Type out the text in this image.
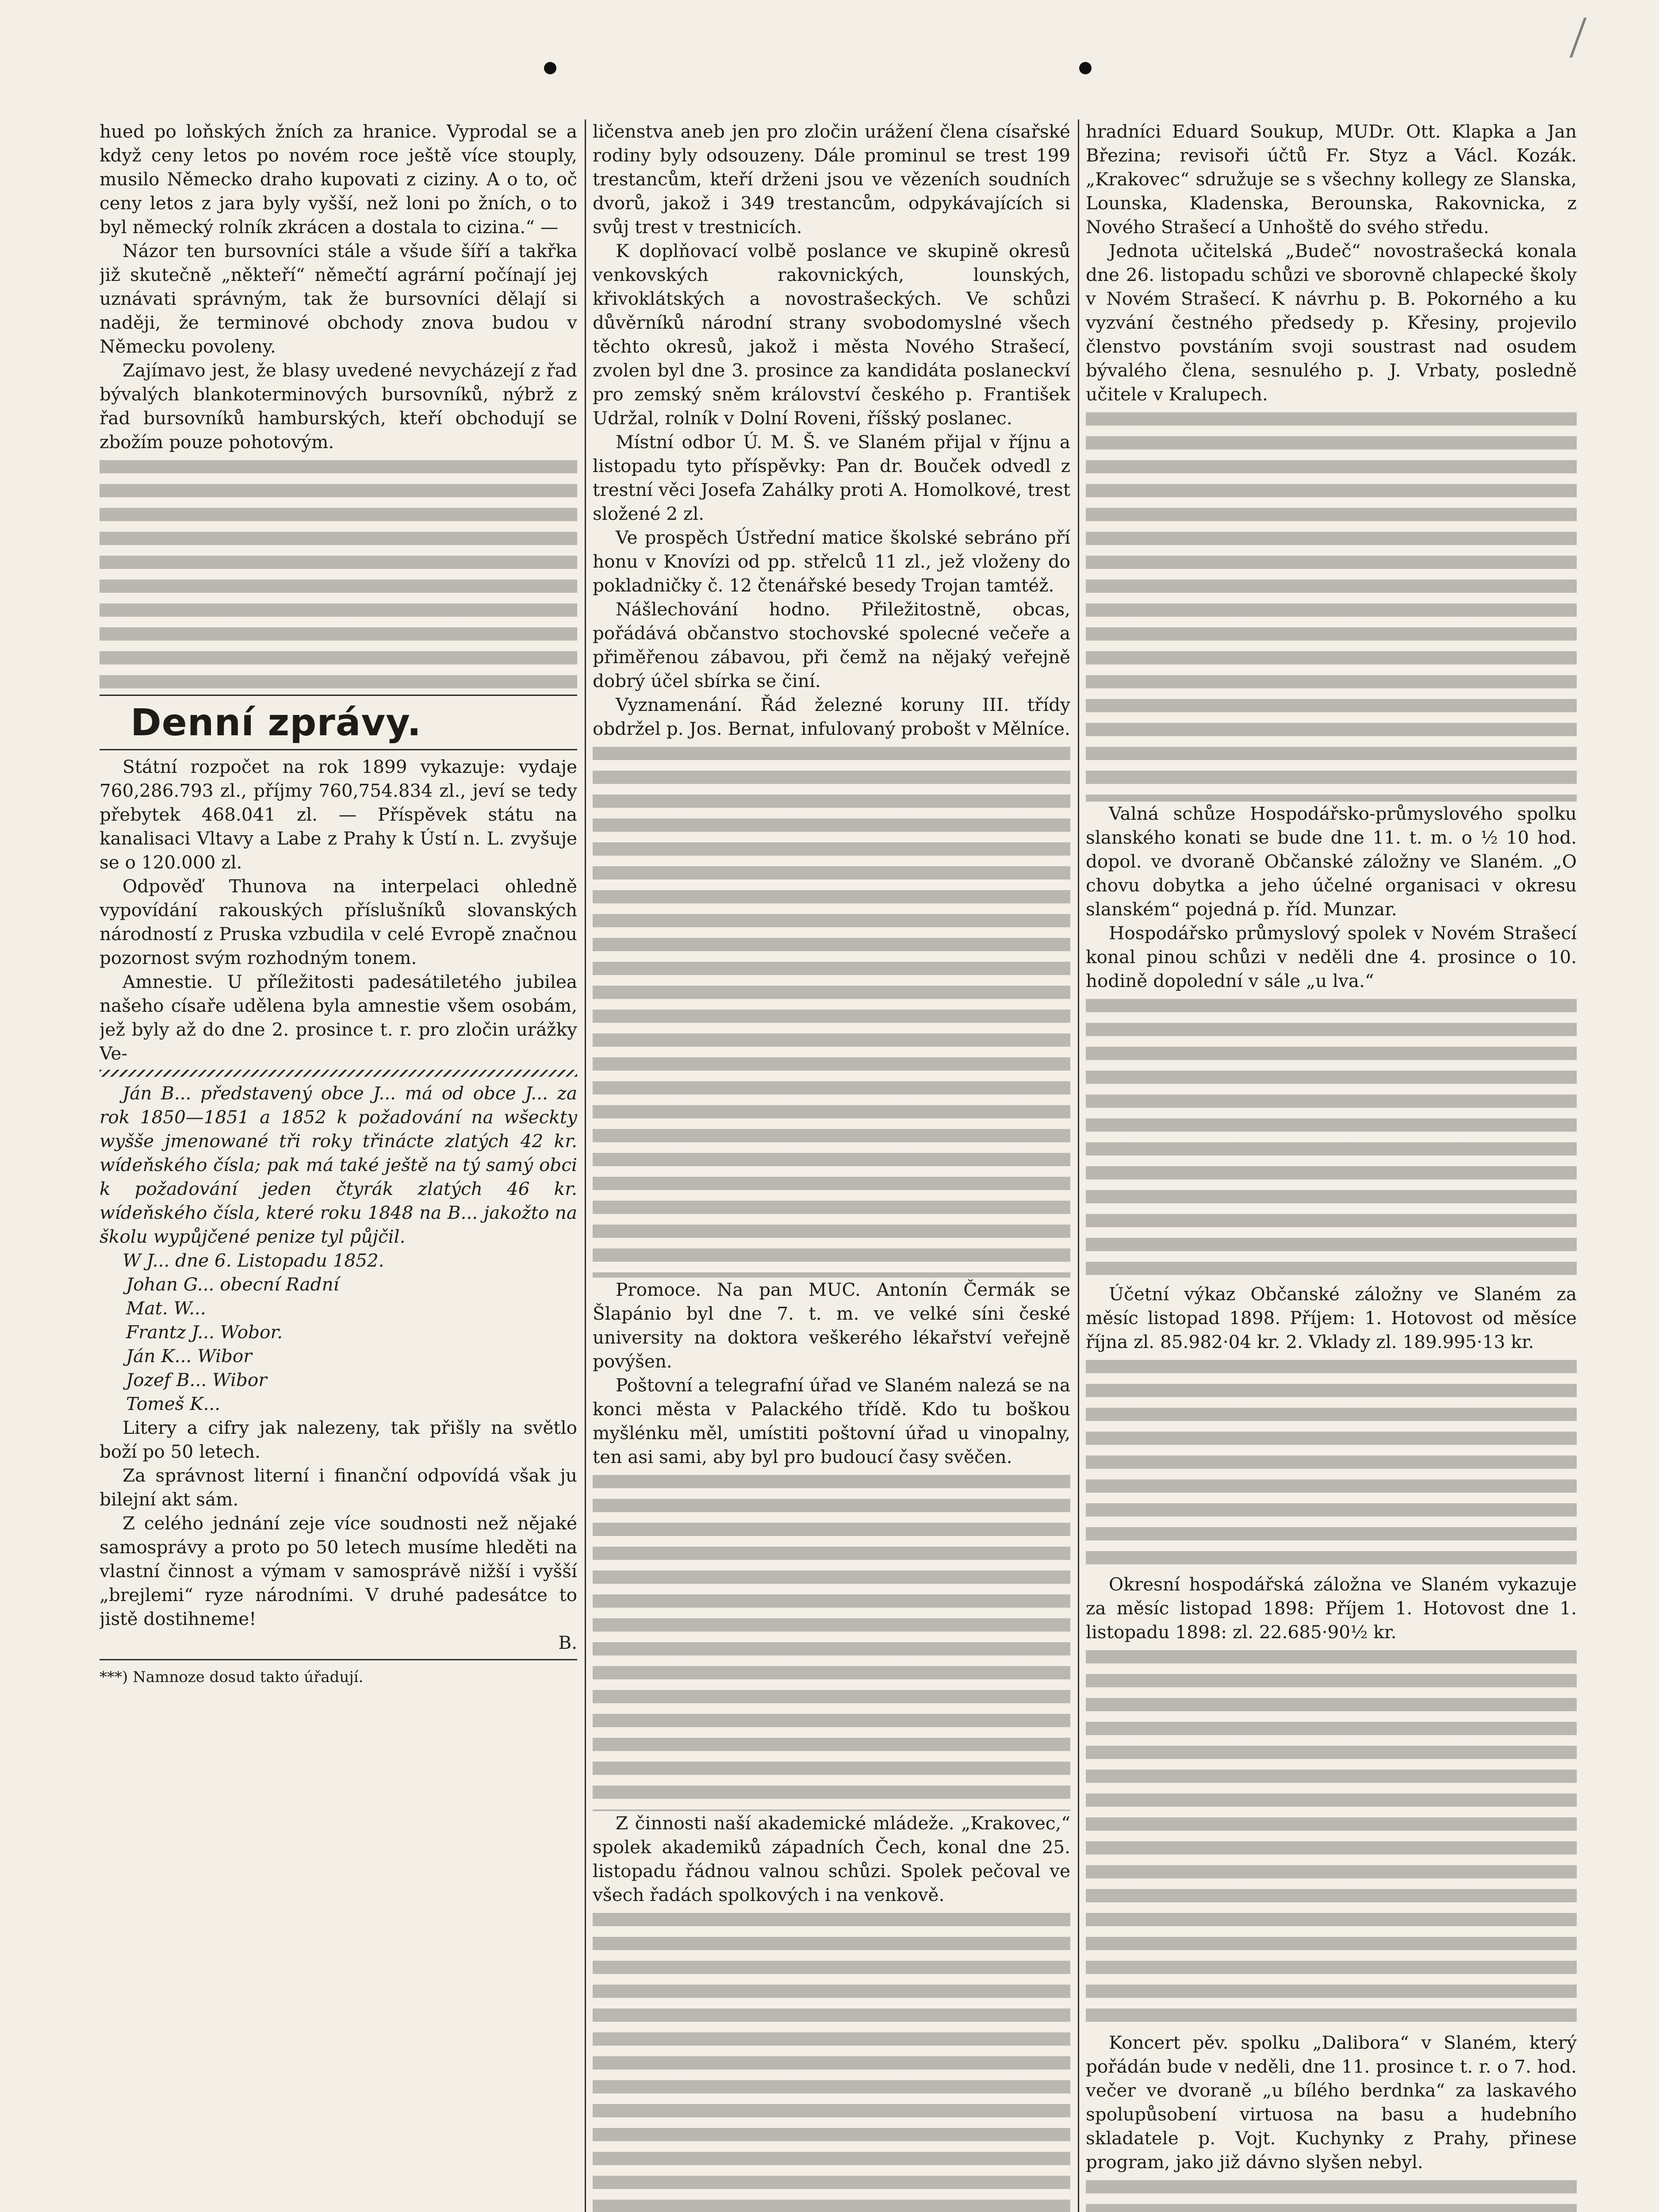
hued po loňských žních za hranice. Vyprodal se a když ceny letos po novém roce ještě více stouply, musilo Německo draho kupovati z ciziny. A o to, oč ceny letos z jara byly vyšší, než loni po žních, o to byl německý rolník zkrácen a dostala to cizina.“ —

Názor ten bursovníci stále a všude šíří a takřka již skutečně „někteří“ němečtí agrární počínají jej uznávati správným, tak že bursovníci dělají si naději, že terminové obchody znova budou v Německu povoleny.

Zajímavo jest, že blasy uvedené nevycházejí z řad bývalých blankoterminových bursovníků, nýbrž z řad bursovníků hamburských, kteří obchodují se zbožím pouze pohotovým.

Denní zprávy.

Státní rozpočet na rok 1899 vykazuje: vydaje 760,286.793 zl., příjmy 760,754.834 zl., jeví se tedy přebytek 468.041 zl. — Příspěvek státu na kanalisaci Vltavy a Labe z Prahy k Ústí n. L. zvyšuje se o 120.000 zl.

Odpověď Thunova na interpelaci ohledně vypovídání rakouských příslušníků slovanských národností z Pruska vzbudila v celé Evropě značnou pozornost svým rozhodným tonem.

Amnestie. U příležitosti padesátiletého jubilea našeho císaře udělena byla amnestie všem osobám, jež byly až do dne 2. prosince t. r. pro zločin urážky Ve-

Ján B... představený obce J... má od obce J... za rok 1850—1851 a 1852 k požadování na wšeckty wyšše jmenowané tři roky třinácte zlatých 42 kr. wídeňského čísla; pak má také ještě na tý samý obci k požadování jeden čtyrák zlatých 46 kr. wídeňského čísla, které roku 1848 na B... jakožto na školu wypůjčené penize tyl půjčil.

W J... dne 6. Listopadu 1852.

Johan G... obecní Radní
Mat. W...
Frantz J... Wobor.
Ján K... Wibor
Jozef B... Wibor
Tomeš K...

Litery a cifry jak nalezeny, tak přišly na světlo boží po 50 letech.

Za správnost literní i finanční odpovídá však ju bilejní akt sám.

Z celého jednání zeje více soudnosti než nějaké samosprávy a proto po 50 letech musíme hleděti na vlastní činnost a výmam v samosprávě nižší i vyšší „brejlemi“ ryze národními. V druhé padesátce to jistě dostihneme!

B.
***) Namnoze dosud takto úřadují.

ličenstva aneb jen pro zločin urážení člena císařské rodiny byly odsouzeny. Dále prominul se trest 199 trestancům, kteří drženi jsou ve vězeních soudních dvorů, jakož i 349 trestancům, odpykávajících si svůj trest v trestnicích.

K doplňovací volbě poslance ve skupině okresů venkovských rakovnických, lounských, křivoklátských a novostrašeckých. Ve schůzi důvěrníků národní strany svobodomyslné všech těchto okresů, jakož i města Nového Strašecí, zvolen byl dne 3. prosince za kandidáta poslaneckví pro zemský sněm království českého p. František Udržal, rolník v Dolní Roveni, říšský poslanec.

Místní odbor Ú. M. Š. ve Slaném přijal v říjnu a listopadu tyto příspěvky: Pan dr. Bouček odvedl z trestní věci Josefa Zahálky proti A. Homolkové, trest složené 2 zl.

Ve prospěch Ústřední matice školské sebráno pří honu v Knovízi od pp. střelců 11 zl., jež vloženy do pokladničky č. 12 čtenářské besedy Trojan tamtéž.

Nášlechování hodno. Přiležitostně, obcas, pořádává občanstvo stochovské spolecné večeře a přiměřenou zábavou, při čemž na nějaký veřejně dobrý účel sbírka se činí.

Vyznamenání. Řád železné koruny III. třídy obdržel p. Jos. Bernat, infulovaný probošt v Mělníce.

Promoce. Na pan MUC. Antonín Čermák se Šlapánio byl dne 7. t. m. ve velké síni české university na doktora veškerého lékařství veřejně povýšen.

Poštovní a telegrafní úřad ve Slaném nalezá se na konci města v Palackého třídě. Kdo tu boškou myšlénku měl, umístiti poštovní úřad u vinopalny, ten asi sami, aby byl pro budoucí časy svěčen.

Z činnosti naší akademické mládeže. „Krakovec,“ spolek akademiků západních Čech, konal dne 25. listopadu řádnou valnou schůzi. Spolek pečoval ve všech řadách spolkových i na venkově.

hradníci Eduard Soukup, MUDr. Ott. Klapka a Jan Březina; revisoři účtů Fr. Styz a Václ. Kozák. „Krakovec“ sdružuje se s všechny kollegy ze Slanska, Lounska, Kladenska, Berounska, Rakovnicka, z Nového Strašecí a Unhoště do svého středu.

Jednota učitelská „Budeč“ novostrašecká konala dne 26. listopadu schůzi ve sborovně chlapecké školy v Novém Strašecí. K návrhu p. B. Pokorného a ku vyzvání čestného předsedy p. Křesiny, projevilo členstvo povstáním svoji soustrast nad osudem bývalého člena, sesnulého p. J. Vrbaty, posledně učitele v Kralupech.

Valná schůze Hospodářsko-průmyslového spolku slanského konati se bude dne 11. t. m. o ½ 10 hod. dopol. ve dvoraně Občanské záložny ve Slaném. „O chovu dobytka a jeho účelné organisaci v okresu slanském“ pojedná p. říd. Munzar.

Hospodářsko průmyslový spolek v Novém Strašecí konal pinou schůzi v neděli dne 4. prosince o 10. hodině dopolední v sále „u lva.“

Účetní výkaz Občanské záložny ve Slaném za měsíc listopad 1898. Příjem: 1. Hotovost od měsíce října zl. 85.982·04 kr. 2. Vklady zl. 189.995·13 kr.

Okresní hospodářská záložna ve Slaném vykazuje za měsíc listopad 1898: Příjem 1. Hotovost dne 1. listopadu 1898: zl. 22.685·90½ kr.

Koncert pěv. spolku „Dalibora“ v Slaném, který pořádán bude v neděli, dne 11. prosince t. r. o 7. hod. večer ve dvoraně „u bílého berdnka“ za laskavého spolupůsobení virtuosa na basu a hudebního skladatele p. Vojt. Kuchynky z Prahy, přinese program, jako již dávno slyšen nebyl.
